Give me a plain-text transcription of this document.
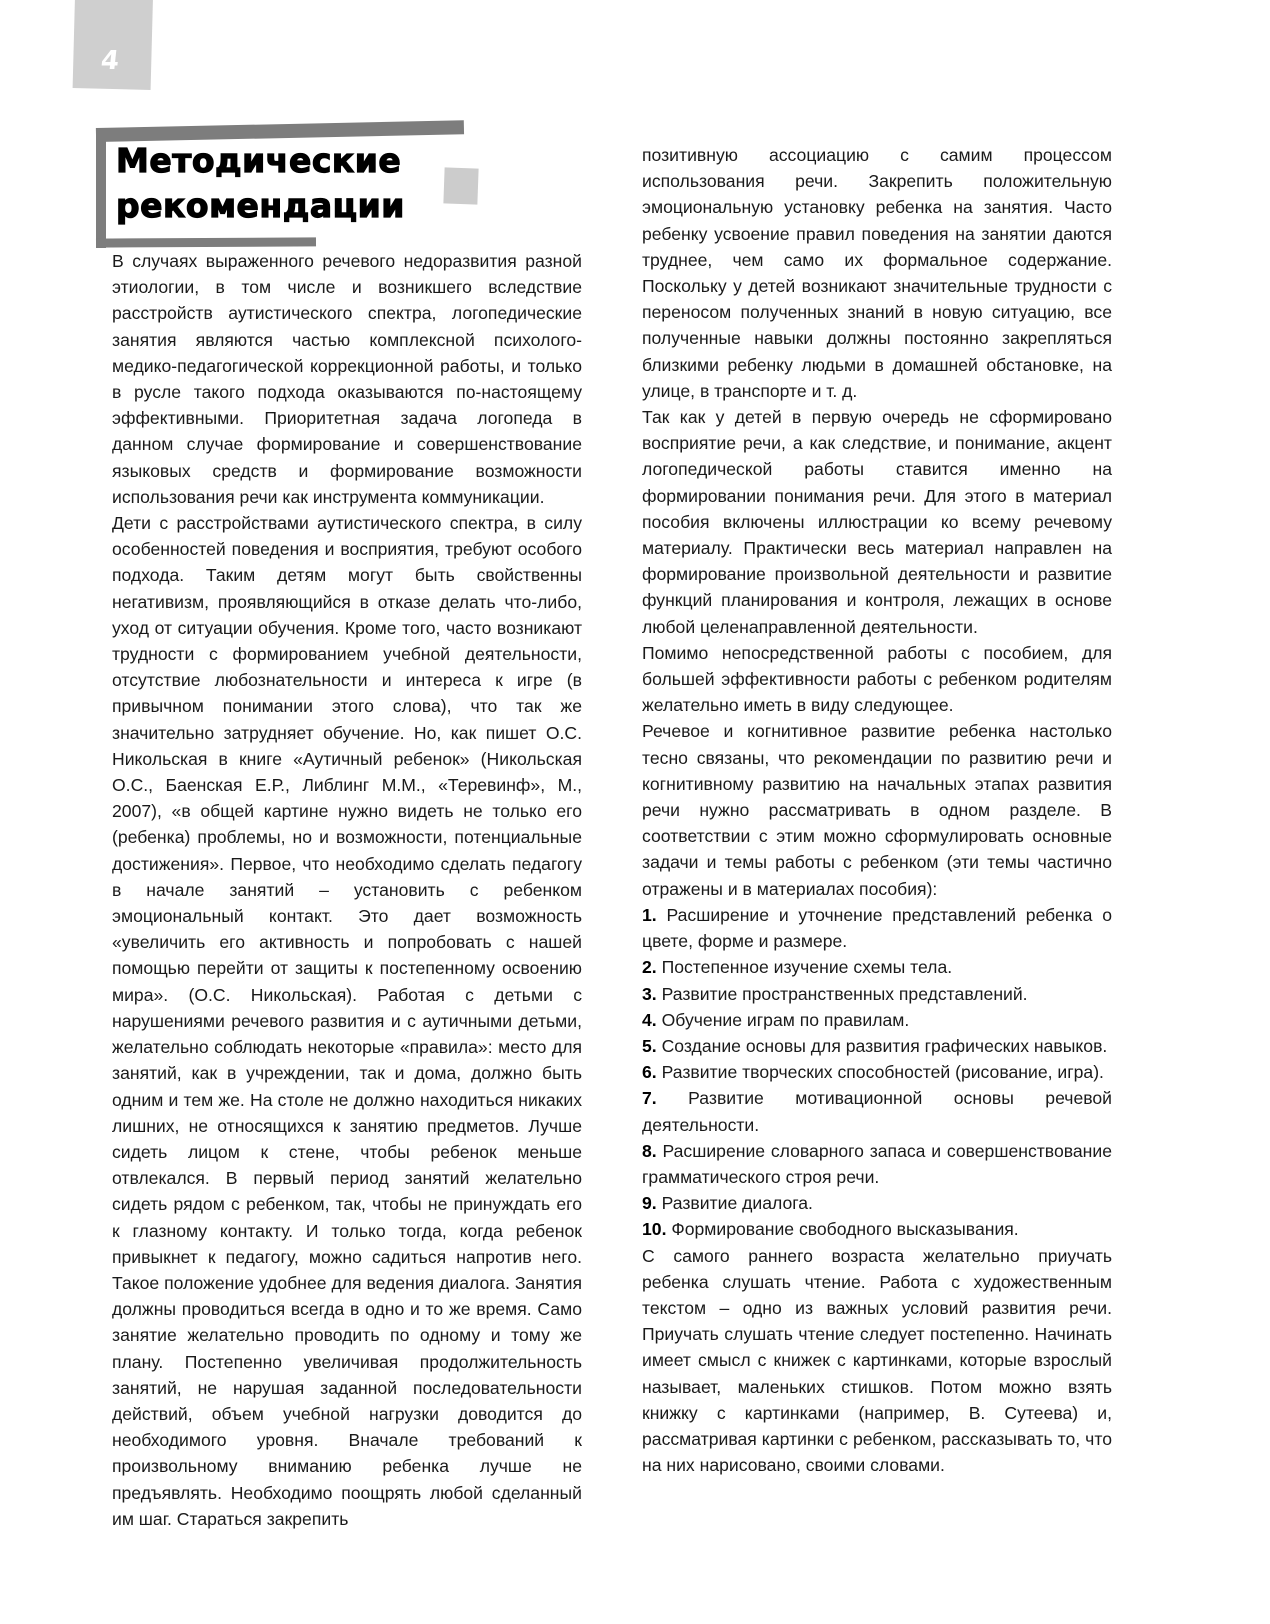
4
Методические
рекомендации

В случаях выраженного речевого недоразвития разной этиологии, в том числе и возникшего вследствие расстройств аутистического спектра, логопедические занятия являются частью комплексной психолого-медико-педагогической коррекционной работы, и только в русле такого подхода оказываются по-настоящему эффективными. Приоритетная задача логопеда в данном случае формирование и совершенствование языковых средств и формирование возможности использования речи как инструмента коммуникации.

Дети с расстройствами аутистического спектра, в силу особенностей поведения и восприятия, требуют особого подхода. Таким детям могут быть свойственны негативизм, проявляющийся в отказе делать что-либо, уход от ситуации обучения. Кроме того, часто возникают трудности с формированием учебной деятельности, отсутствие любознательности и интереса к игре (в привычном понимании этого слова), что так же значительно затрудняет обучение. Но, как пишет О.С. Никольская в книге «Аутичный ребенок» (Никольская О.С., Баенская Е.Р., Либлинг М.М., «Теревинф», М., 2007), «в общей картине нужно видеть не только его (ребенка) проблемы, но и возможности, потенциальные достижения». Первое, что необходимо сделать педагогу в начале занятий – установить с ребенком эмоциональный контакт. Это дает возможность «увеличить его активность и попробовать с нашей помощью перейти от защиты к постепенному освоению мира». (О.С. Никольская). Работая с детьми с нарушениями речевого развития и с аутичными детьми, желательно соблюдать некоторые «правила»: место для занятий, как в учреждении, так и дома, должно быть одним и тем же. На столе не должно находиться никаких лишних, не относящихся к занятию предметов. Лучше сидеть лицом к стене, чтобы ребенок меньше отвлекался. В первый период занятий желательно сидеть рядом с ребенком, так, чтобы не принуждать его к глазному контакту. И только тогда, когда ребенок привыкнет к педагогу, можно садиться напротив него. Такое положение удобнее для ведения диалога. Занятия должны проводиться всегда в одно и то же время. Само занятие желательно проводить по одному и тому же плану. Постепенно увеличивая продолжительность занятий, не нарушая заданной последовательности действий, объем учебной нагрузки доводится до необходимого уровня. Вначале требований к произвольному вниманию ребенка лучше не предъявлять. Необходимо поощрять любой сделанный им шаг. Стараться закрепить

позитивную ассоциацию с самим процессом использования речи. Закрепить положительную эмоциональную установку ребенка на занятия. Часто ребенку усвоение правил поведения на занятии даются труднее, чем само их формальное содержание. Поскольку у детей возникают значительные трудности с переносом полученных знаний в новую ситуацию, все полученные навыки должны постоянно закрепляться близкими ребенку людьми в домашней обстановке, на улице, в транспорте и т. д.

Так как у детей в первую очередь не сформировано восприятие речи, а как следствие, и понимание, акцент логопедической работы ставится именно на формировании понимания речи. Для этого в материал пособия включены иллюстрации ко всему речевому материалу. Практически весь материал направлен на формирование произвольной деятельности и развитие функций планирования и контроля, лежащих в основе любой целенаправленной деятельности.

Помимо непосредственной работы с пособием, для большей эффективности работы с ребенком родителям желательно иметь в виду следующее.

Речевое и когнитивное развитие ребенка настолько тесно связаны, что рекомендации по развитию речи и когнитивному развитию на начальных этапах развития речи нужно рассматривать в одном разделе. В соответствии с этим можно сформулировать основные задачи и темы работы с ребенком (эти темы частично отражены и в материалах пособия):

1. Расширение и уточнение представлений ребенка о цвете, форме и размере.

2. Постепенное изучение схемы тела.

3. Развитие пространственных представлений.

4. Обучение играм по правилам.

5. Создание основы для развития графических навыков.

6. Развитие творческих способностей (рисование, игра).

7. Развитие мотивационной основы речевой деятельности.

8. Расширение словарного запаса и совершенствование грамматического строя речи.

9. Развитие диалога.

10. Формирование свободного высказывания.

С самого раннего возраста желательно приучать ребенка слушать чтение. Работа с художественным текстом – одно из важных условий развития речи. Приучать слушать чтение следует постепенно. Начинать имеет смысл с книжек с картинками, которые взрослый называет, маленьких стишков. Потом можно взять книжку с картинками (например, В. Сутеева) и, рассматривая картинки с ребенком, рассказывать то, что на них нарисовано, своими словами.
